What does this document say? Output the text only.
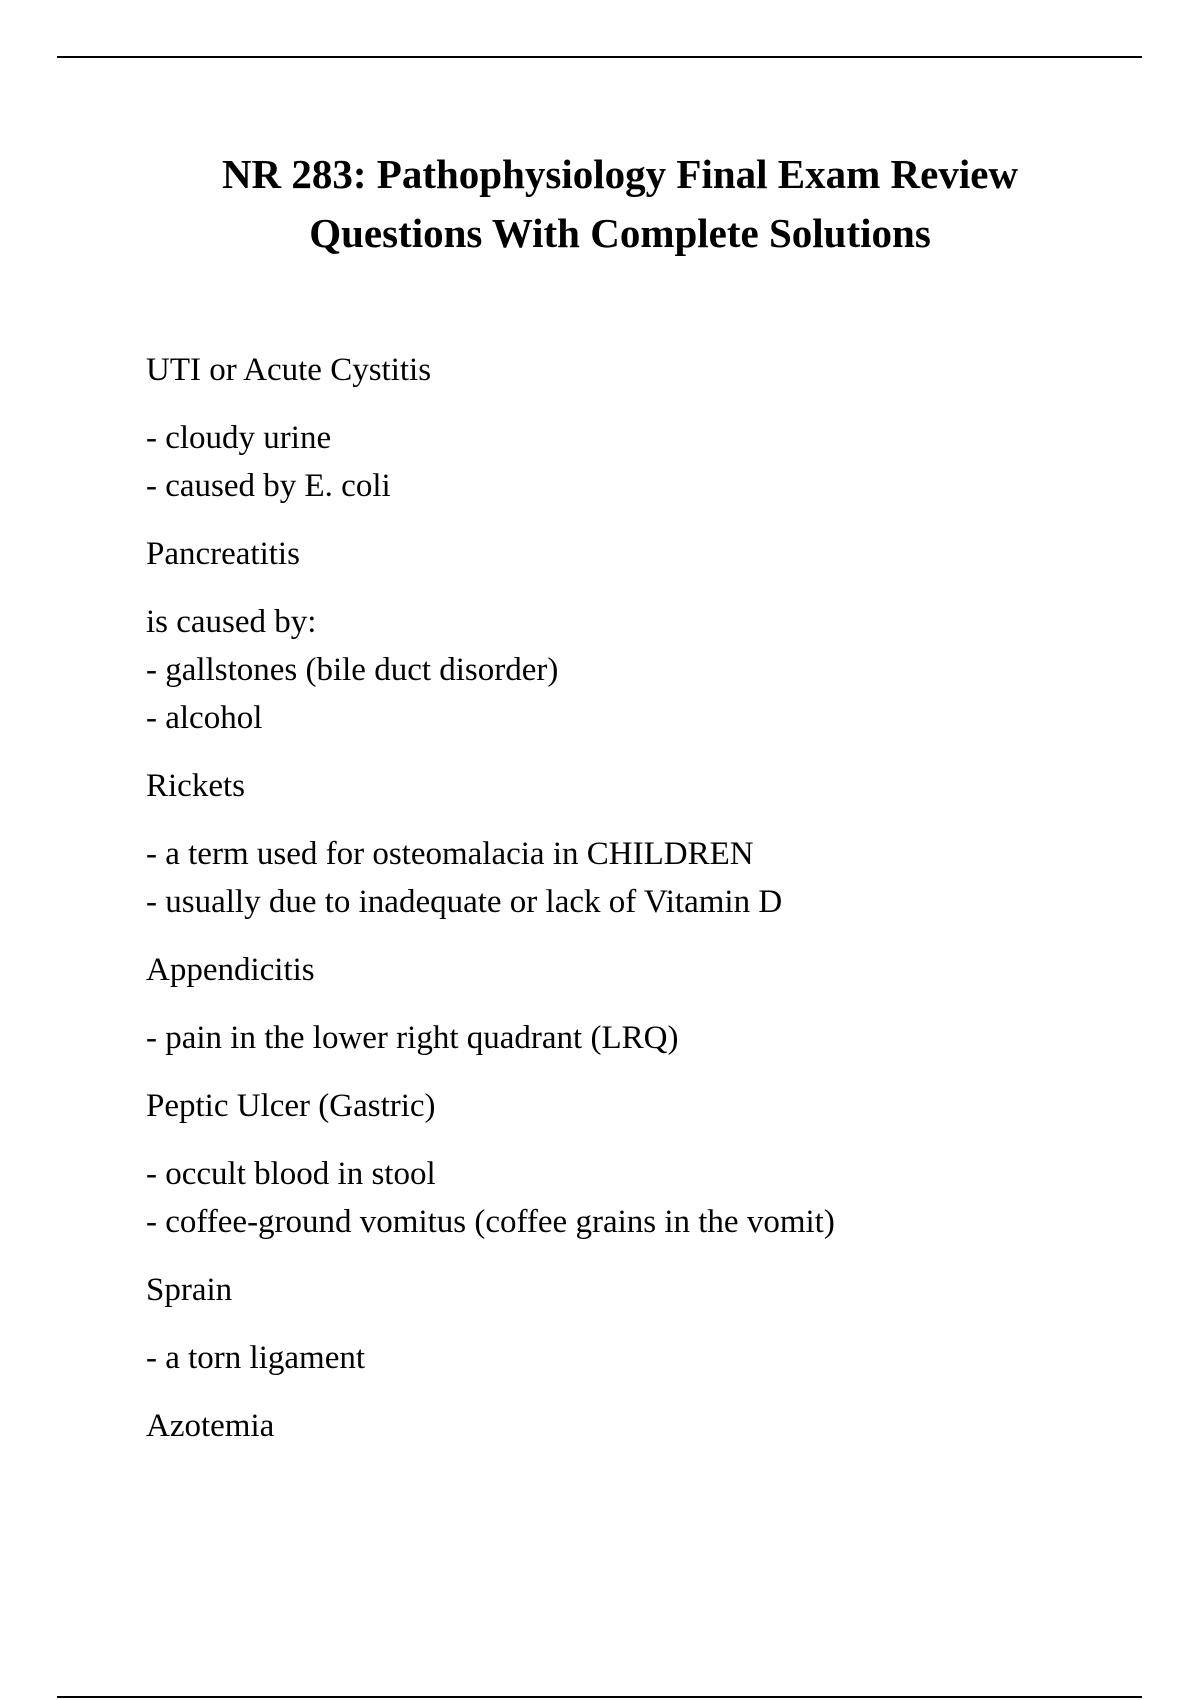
NR 283: Pathophysiology Final Exam Review
Questions With Complete Solutions

UTI or Acute Cystitis

- cloudy urine
- caused by E. coli

Pancreatitis

is caused by:
- gallstones (bile duct disorder)
- alcohol

Rickets

- a term used for osteomalacia in CHILDREN
- usually due to inadequate or lack of Vitamin D

Appendicitis

- pain in the lower right quadrant (LRQ)

Peptic Ulcer (Gastric)

- occult blood in stool
- coffee-ground vomitus (coffee grains in the vomit)

Sprain

- a torn ligament

Azotemia
